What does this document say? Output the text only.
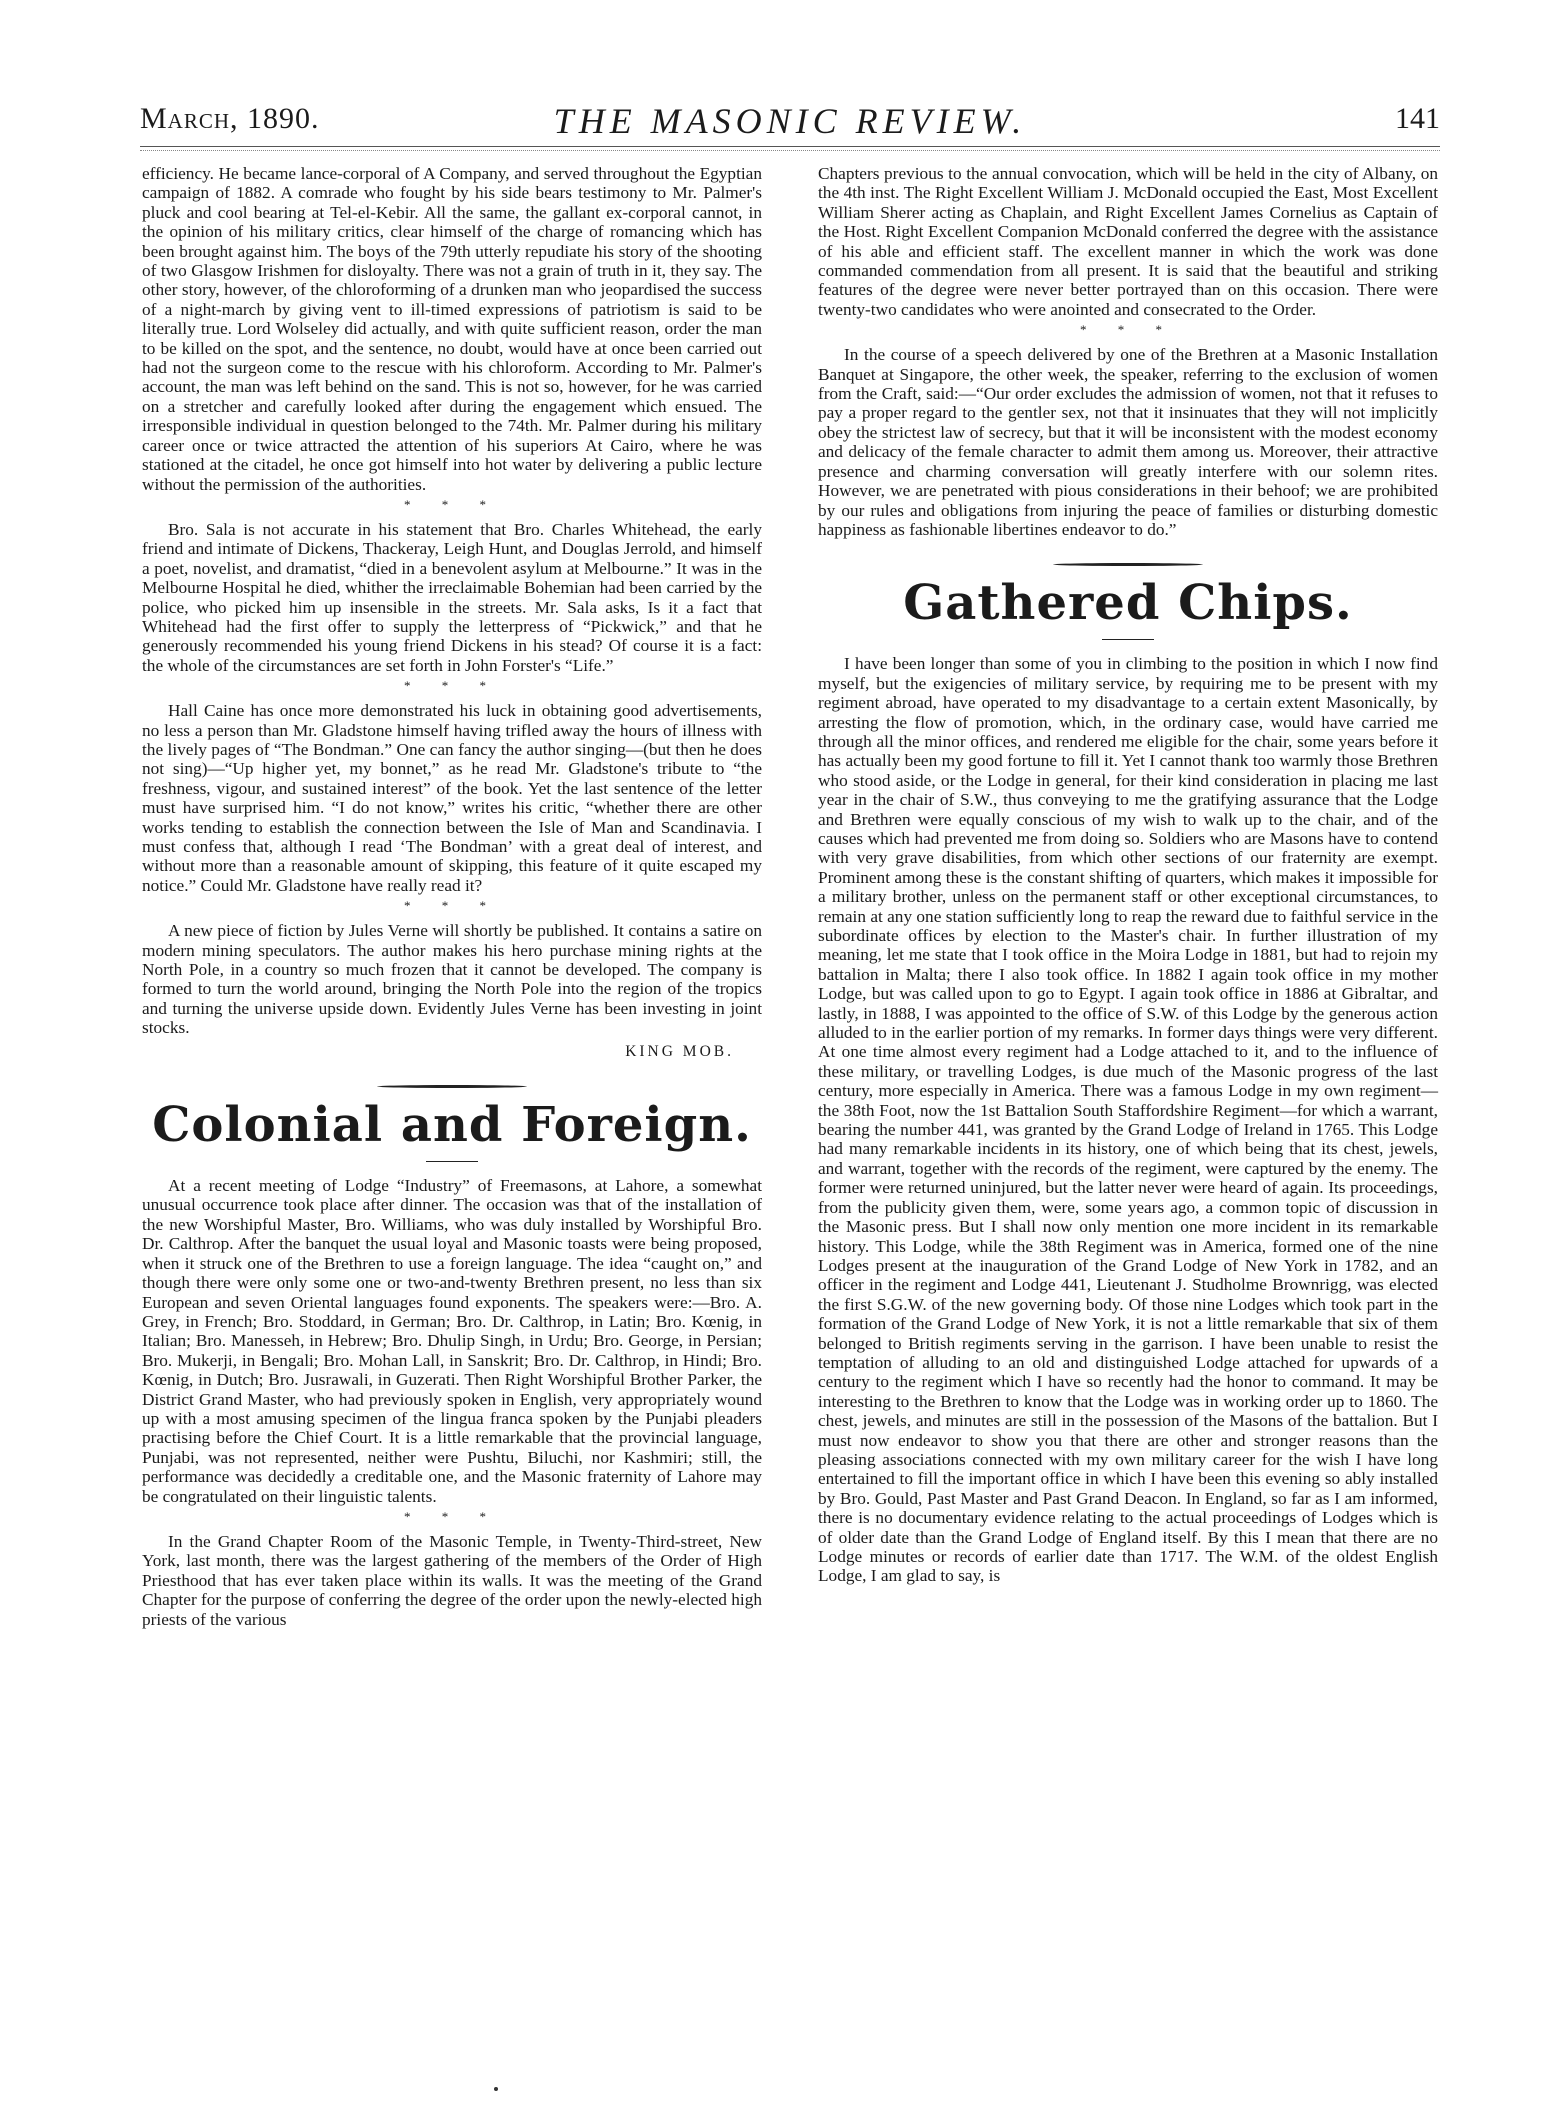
March, 1890.	THE MASONIC REVIEW.	141

efficiency. He became lance-corporal of A Company, and served throughout the Egyptian campaign of 1882. A comrade who fought by his side bears testimony to Mr. Palmer's pluck and cool bearing at Tel-el-Kebir. All the same, the gallant ex-corporal cannot, in the opinion of his military critics, clear himself of the charge of romancing which has been brought against him. The boys of the 79th utterly repudiate his story of the shooting of two Glasgow Irishmen for disloyalty. There was not a grain of truth in it, they say. The other story, however, of the chloroforming of a drunken man who jeopardised the success of a night-march by giving vent to ill-timed expressions of patriotism is said to be literally true. Lord Wolseley did actually, and with quite sufficient reason, order the man to be killed on the spot, and the sentence, no doubt, would have at once been carried out had not the surgeon come to the rescue with his chloroform. According to Mr. Palmer's account, the man was left behind on the sand. This is not so, however, for he was carried on a stretcher and carefully looked after during the engagement which ensued. The irresponsible individual in question belonged to the 74th. Mr. Palmer during his military career once or twice attracted the attention of his superiors At Cairo, where he was stationed at the citadel, he once got himself into hot water by delivering a public lecture without the permission of the authorities.

* * *

Bro. Sala is not accurate in his statement that Bro. Charles Whitehead, the early friend and intimate of Dickens, Thackeray, Leigh Hunt, and Douglas Jerrold, and himself a poet, novelist, and dramatist, “died in a benevolent asylum at Melbourne.” It was in the Melbourne Hospital he died, whither the irreclaimable Bohemian had been carried by the police, who picked him up insensible in the streets. Mr. Sala asks, Is it a fact that Whitehead had the first offer to supply the letterpress of “Pickwick,” and that he generously recommended his young friend Dickens in his stead? Of course it is a fact: the whole of the circumstances are set forth in John Forster's “Life.”

* * *

Hall Caine has once more demonstrated his luck in obtaining good advertisements, no less a person than Mr. Gladstone himself having trifled away the hours of illness with the lively pages of “The Bondman.” One can fancy the author singing—(but then he does not sing)—“Up higher yet, my bonnet,” as he read Mr. Gladstone's tribute to “the freshness, vigour, and sustained interest” of the book. Yet the last sentence of the letter must have surprised him. “I do not know,” writes his critic, “whether there are other works tending to establish the connection between the Isle of Man and Scandinavia. I must confess that, although I read ‘The Bondman’ with a great deal of interest, and without more than a reasonable amount of skipping, this feature of it quite escaped my notice.” Could Mr. Gladstone have really read it?

* * *

A new piece of fiction by Jules Verne will shortly be published. It contains a satire on modern mining speculators. The author makes his hero purchase mining rights at the North Pole, in a country so much frozen that it cannot be developed. The company is formed to turn the world around, bringing the North Pole into the region of the tropics and turning the universe upside down. Evidently Jules Verne has been investing in joint stocks.

KING MOB.
Colonial and Foreign.

At a recent meeting of Lodge “Industry” of Freemasons, at Lahore, a somewhat unusual occurrence took place after dinner. The occasion was that of the installation of the new Worshipful Master, Bro. Williams, who was duly installed by Worshipful Bro. Dr. Calthrop. After the banquet the usual loyal and Masonic toasts were being proposed, when it struck one of the Brethren to use a foreign language. The idea “caught on,” and though there were only some one or two-and-twenty Brethren present, no less than six European and seven Oriental languages found exponents. The speakers were:—Bro. A. Grey, in French; Bro. Stoddard, in German; Bro. Dr. Calthrop, in Latin; Bro. Kœnig, in Italian; Bro. Manesseh, in Hebrew; Bro. Dhulip Singh, in Urdu; Bro. George, in Persian; Bro. Mukerji, in Bengali; Bro. Mohan Lall, in Sanskrit; Bro. Dr. Calthrop, in Hindi; Bro. Kœnig, in Dutch; Bro. Jusrawali, in Guzerati. Then Right Worshipful Brother Parker, the District Grand Master, who had previously spoken in English, very appropriately wound up with a most amusing specimen of the lingua franca spoken by the Punjabi pleaders practising before the Chief Court. It is a little remarkable that the provincial language, Punjabi, was not represented, neither were Pushtu, Biluchi, nor Kashmiri; still, the performance was decidedly a creditable one, and the Masonic fraternity of Lahore may be congratulated on their linguistic talents.

* * *

In the Grand Chapter Room of the Masonic Temple, in Twenty-Third-street, New York, last month, there was the largest gathering of the members of the Order of High Priesthood that has ever taken place within its walls. It was the meeting of the Grand Chapter for the purpose of conferring the degree of the order upon the newly-elected high priests of the various

Chapters previous to the annual convocation, which will be held in the city of Albany, on the 4th inst. The Right Excellent William J. McDonald occupied the East, Most Excellent William Sherer acting as Chaplain, and Right Excellent James Cornelius as Captain of the Host. Right Excellent Companion McDonald conferred the degree with the assistance of his able and efficient staff. The excellent manner in which the work was done commanded commendation from all present. It is said that the beautiful and striking features of the degree were never better portrayed than on this occasion. There were twenty-two candidates who were anointed and consecrated to the Order.

* * *

In the course of a speech delivered by one of the Brethren at a Masonic Installation Banquet at Singapore, the other week, the speaker, referring to the exclusion of women from the Craft, said:—“Our order excludes the admission of women, not that it refuses to pay a proper regard to the gentler sex, not that it insinuates that they will not implicitly obey the strictest law of secrecy, but that it will be inconsistent with the modest economy and delicacy of the female character to admit them among us. Moreover, their attractive presence and charming conversation will greatly interfere with our solemn rites. However, we are penetrated with pious considerations in their behoof; we are prohibited by our rules and obligations from injuring the peace of families or disturbing domestic happiness as fashionable libertines endeavor to do.”

Gathered Chips.

I have been longer than some of you in climbing to the position in which I now find myself, but the exigencies of military service, by requiring me to be present with my regiment abroad, have operated to my disadvantage to a certain extent Masonically, by arresting the flow of promotion, which, in the ordinary case, would have carried me through all the minor offices, and rendered me eligible for the chair, some years before it has actually been my good fortune to fill it. Yet I cannot thank too warmly those Brethren who stood aside, or the Lodge in general, for their kind consideration in placing me last year in the chair of S.W., thus conveying to me the gratifying assurance that the Lodge and Brethren were equally conscious of my wish to walk up to the chair, and of the causes which had prevented me from doing so. Soldiers who are Masons have to contend with very grave disabilities, from which other sections of our fraternity are exempt. Prominent among these is the constant shifting of quarters, which makes it impossible for a military brother, unless on the permanent staff or other exceptional circumstances, to remain at any one station sufficiently long to reap the reward due to faithful service in the subordinate offices by election to the Master's chair. In further illustration of my meaning, let me state that I took office in the Moira Lodge in 1881, but had to rejoin my battalion in Malta; there I also took office. In 1882 I again took office in my mother Lodge, but was called upon to go to Egypt. I again took office in 1886 at Gibraltar, and lastly, in 1888, I was appointed to the office of S.W. of this Lodge by the generous action alluded to in the earlier portion of my remarks. In former days things were very different. At one time almost every regiment had a Lodge attached to it, and to the influence of these military, or travelling Lodges, is due much of the Masonic progress of the last century, more especially in America. There was a famous Lodge in my own regiment—the 38th Foot, now the 1st Battalion South Staffordshire Regiment—for which a warrant, bearing the number 441, was granted by the Grand Lodge of Ireland in 1765. This Lodge had many remarkable incidents in its history, one of which being that its chest, jewels, and warrant, together with the records of the regiment, were captured by the enemy. The former were returned uninjured, but the latter never were heard of again. Its proceedings, from the publicity given them, were, some years ago, a common topic of discussion in the Masonic press. But I shall now only mention one more incident in its remarkable history. This Lodge, while the 38th Regiment was in America, formed one of the nine Lodges present at the inauguration of the Grand Lodge of New York in 1782, and an officer in the regiment and Lodge 441, Lieutenant J. Studholme Brownrigg, was elected the first S.G.W. of the new governing body. Of those nine Lodges which took part in the formation of the Grand Lodge of New York, it is not a little remarkable that six of them belonged to British regiments serving in the garrison. I have been unable to resist the temptation of alluding to an old and distinguished Lodge attached for upwards of a century to the regiment which I have so recently had the honor to command. It may be interesting to the Brethren to know that the Lodge was in working order up to 1860. The chest, jewels, and minutes are still in the possession of the Masons of the battalion. But I must now endeavor to show you that there are other and stronger reasons than the pleasing associations connected with my own military career for the wish I have long entertained to fill the important office in which I have been this evening so ably installed by Bro. Gould, Past Master and Past Grand Deacon. In England, so far as I am informed, there is no documentary evidence relating to the actual proceedings of Lodges which is of older date than the Grand Lodge of England itself. By this I mean that there are no Lodge minutes or records of earlier date than 1717. The W.M. of the oldest English Lodge, I am glad to say, is
